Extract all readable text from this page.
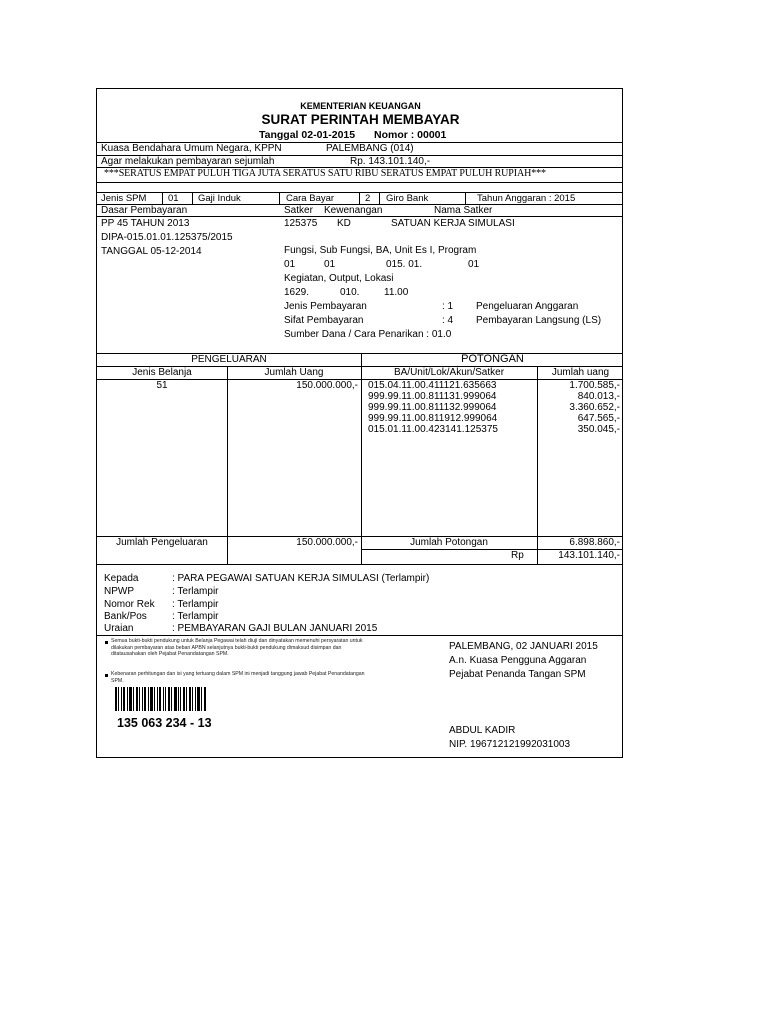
KEMENTERIAN KEUANGAN
SURAT PERINTAH MEMBAYAR
Tanggal 02-01-2015 Nomor : 00001
Kuasa Bendahara Umum Negara, KPPN	PALEMBANG (014)
Agar melakukan pembayaran sejumlah	Rp. 143.101.140,-
***SERATUS EMPAT PULUH TIGA JUTA SERATUS SATU RIBU SERATUS EMPAT PULUH RUPIAH***
Jenis SPM 01 Gaji Induk	Cara Bayar	2 Giro Bank	Tahun Anggaran : 2015
Dasar Pembayaran	Satker Kewenangan	Nama Satker
PP 45 TAHUN 2013
DIPA-015.01.01.125375/2015
TANGGAL 05-12-2014
125375 KD	SATUAN KERJA SIMULASI
Fungsi, Sub Fungsi, BA, Unit Es I, Program
01	01	015. 01.	01
Kegiatan, Output, Lokasi
1629.	010. 11.00
Jenis Pembayaran	: 1 Pengeluaran Anggaran
Sifat Pembayaran	: 4 Pembayaran Langsung (LS)
Sumber Dana / Cara Penarikan : 01.0
PENGELUARAN	POTONGAN
Jenis Belanja	Jumlah Uang	BA/Unit/Lok/Akun/Satker	Jumlah uang
51	150.000.000,- 015.04.11.00.411121.635663	1.700.585,-
999.99.11.00.811131.999064	840.013,-
999.99.11.00.811132.999064	3.360.652,-
999.99.11.00.811912.999064	647.565,-
015.01.11.00.423141.125375	350.045,-
Jumlah Pengeluaran	150.000.000,-	Jumlah Potongan	6.898.860,-
Rp	143.101.140,-
Kepada	: PARA PEGAWAI SATUAN KERJA SIMULASI (Terlampir)
NPWP	: Terlampir
Nomor Rek : Terlampir
Bank/Pos	: Terlampir
Uraian	: PEMBAYARAN GAJI BULAN JANUARI 2015
Semua bukti-bukti pendukung untuk Belanja Pegawai telah diuji dan dinyatakan memenuhi persyaratan untuk dilakukan pembayaran atas beban APBN selanjutnya bukti-bukti pendukung dimaksud disimpan dan ditatausahakan oleh Pejabat Penandatangan SPM.
Kebenaran perhitungan dan isi yang tertuang dalam SPM ini menjadi tanggung jawab Pejabat Penandatangan SPM.
135 063 234 - 13
PALEMBANG, 02 JANUARI 2015
A.n. Kuasa Pengguna Aggaran
Pejabat Penanda Tangan SPM
ABDUL KADIR
NIP. 196712121992031003
